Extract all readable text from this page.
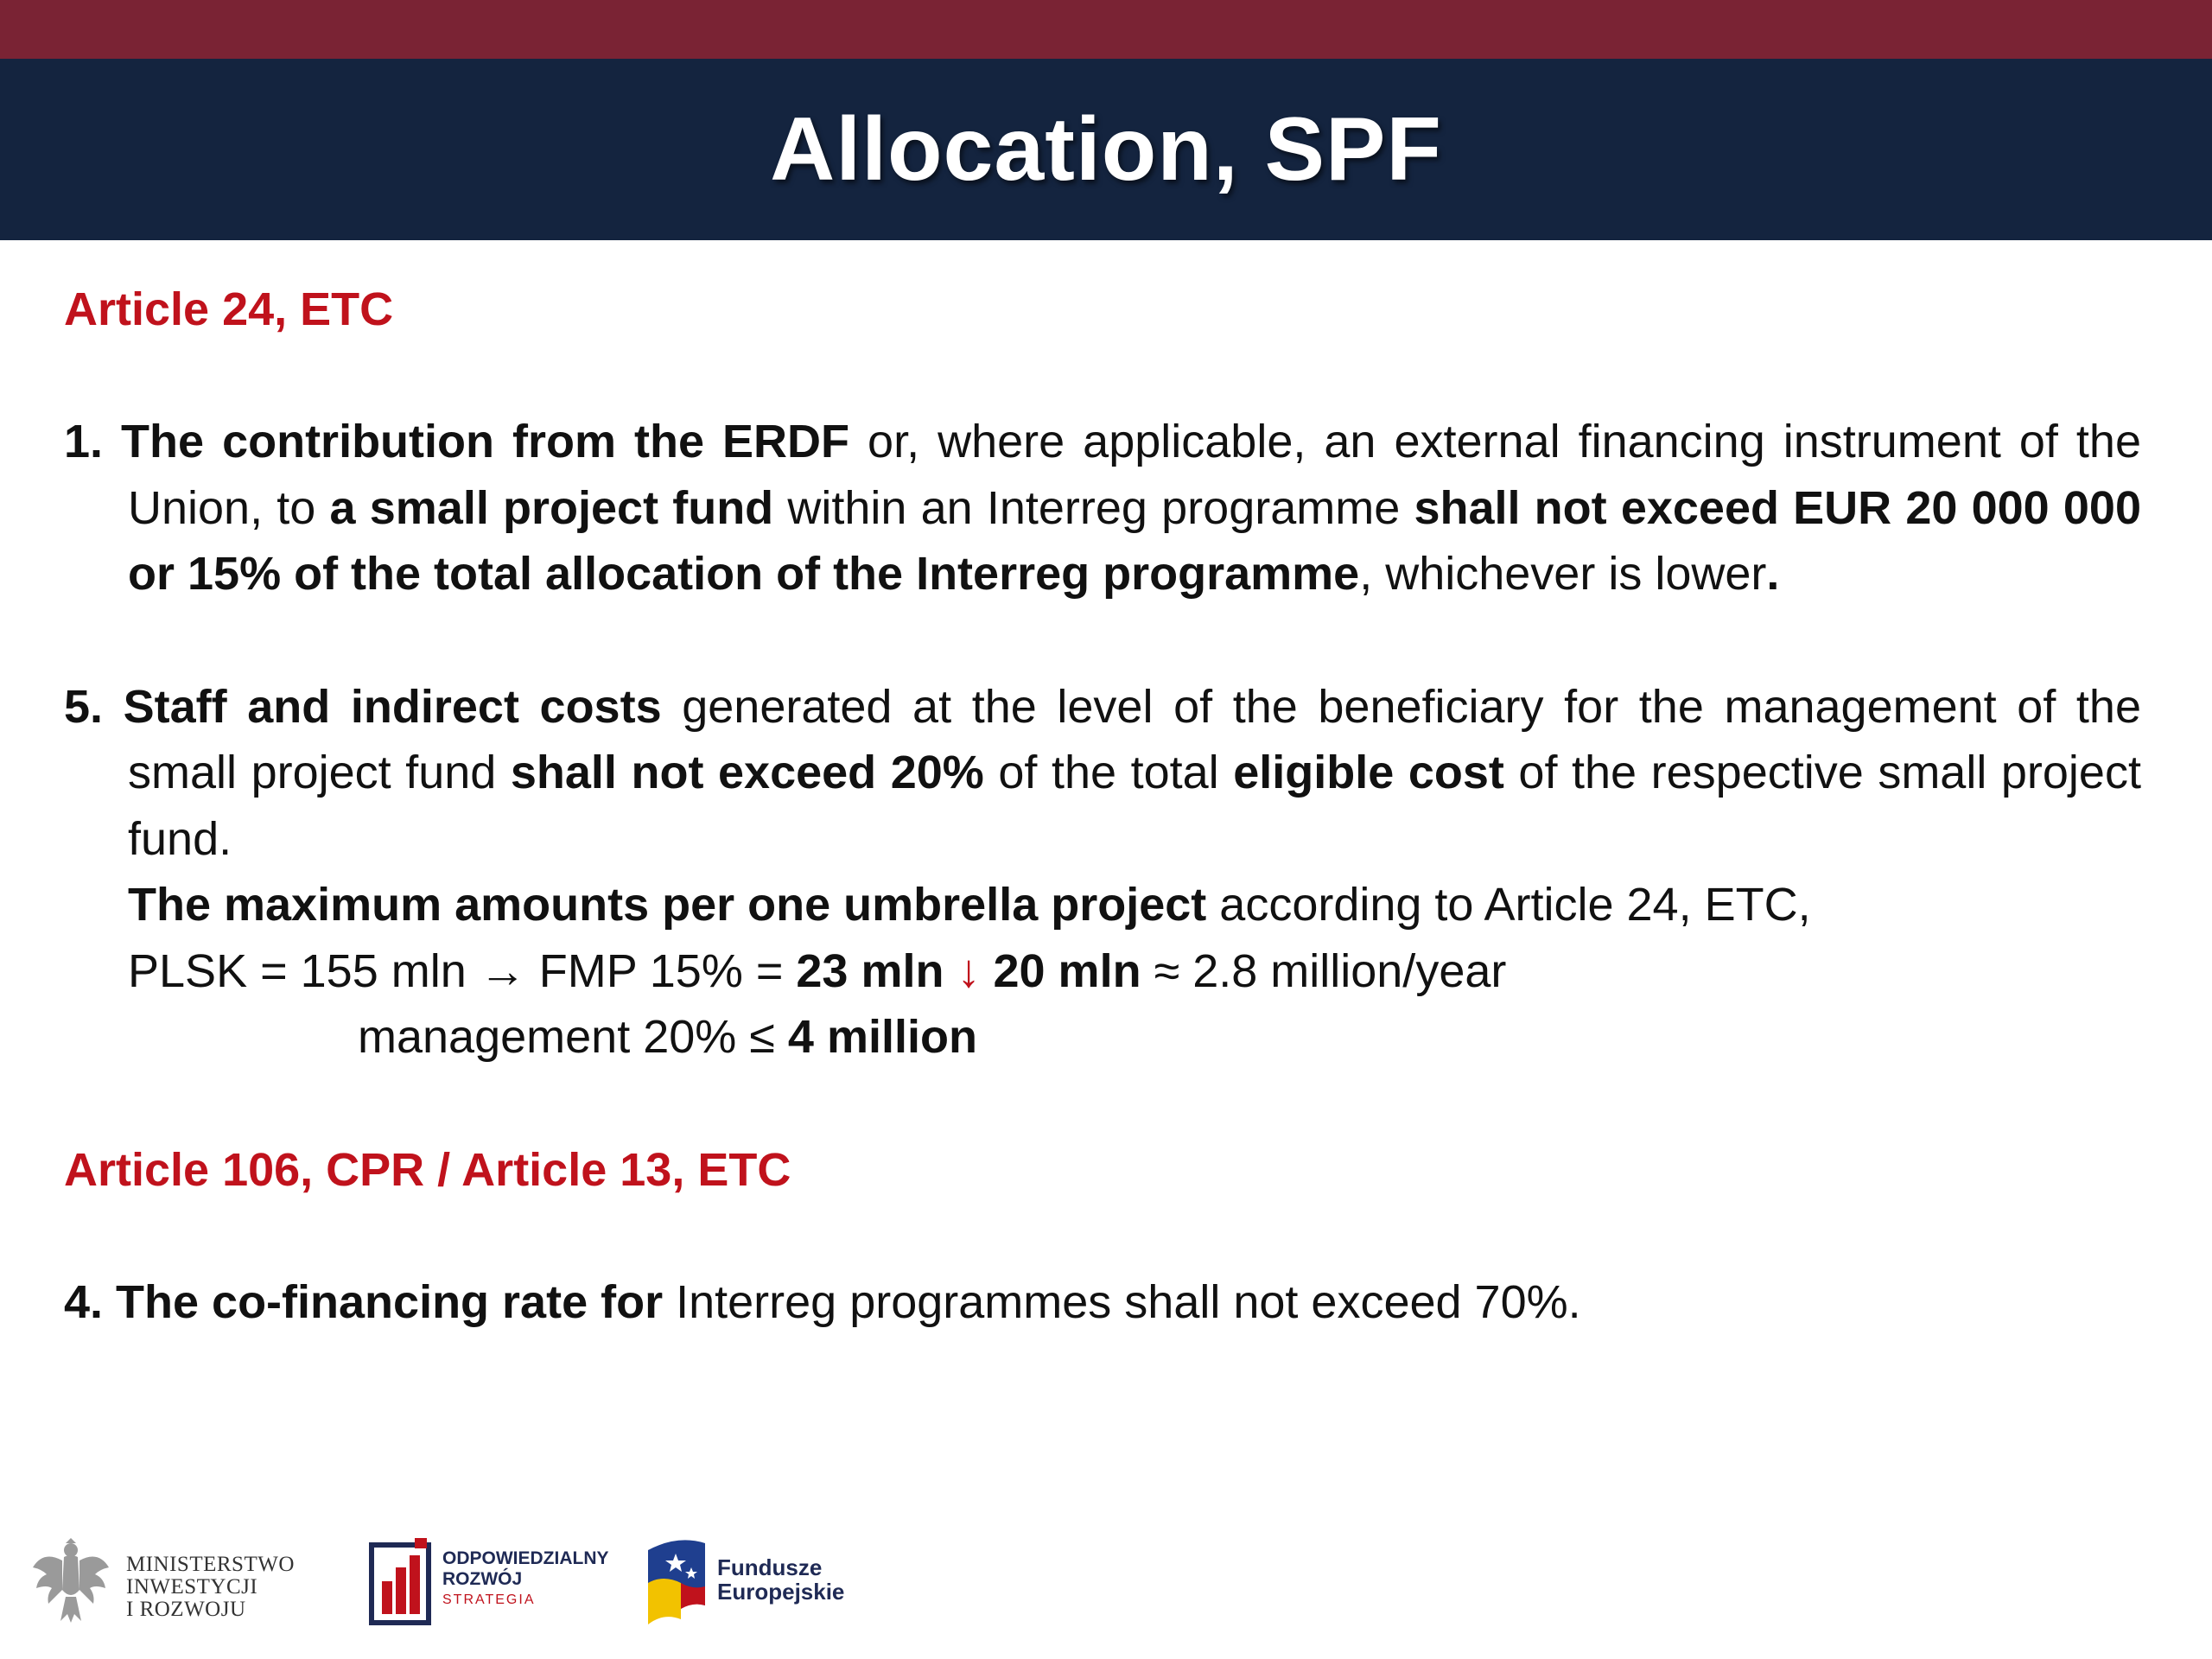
Allocation, SPF
Article 24, ETC

1. The contribution from the ERDF or, where applicable, an external financing instrument of the Union, to a small project fund within an Interreg programme shall not exceed EUR 20 000 000 or 15% of the total allocation of the Interreg programme, whichever is lower.

5. Staff and indirect costs generated at the level of the beneficiary for the management of the small project fund shall not exceed 20% of the total eligible cost of the respective small project fund.

The maximum amounts per one umbrella project according to Article 24, ETC,
PLSK = 155 mln → FMP 15% = 23 mln ↓ 20 mln ≈ 2.8 million/year
management 20% ≤ 4 million
Article 106, CPR / Article 13, ETC

4. The co-financing rate for Interreg programmes shall not exceed 70%.

MINISTERSTWO
INWESTYCJI
I ROZWOJU
ODPOWIEDZIALNY
ROZWÓJ
STRATEGIA
Fundusze
Europejskie
